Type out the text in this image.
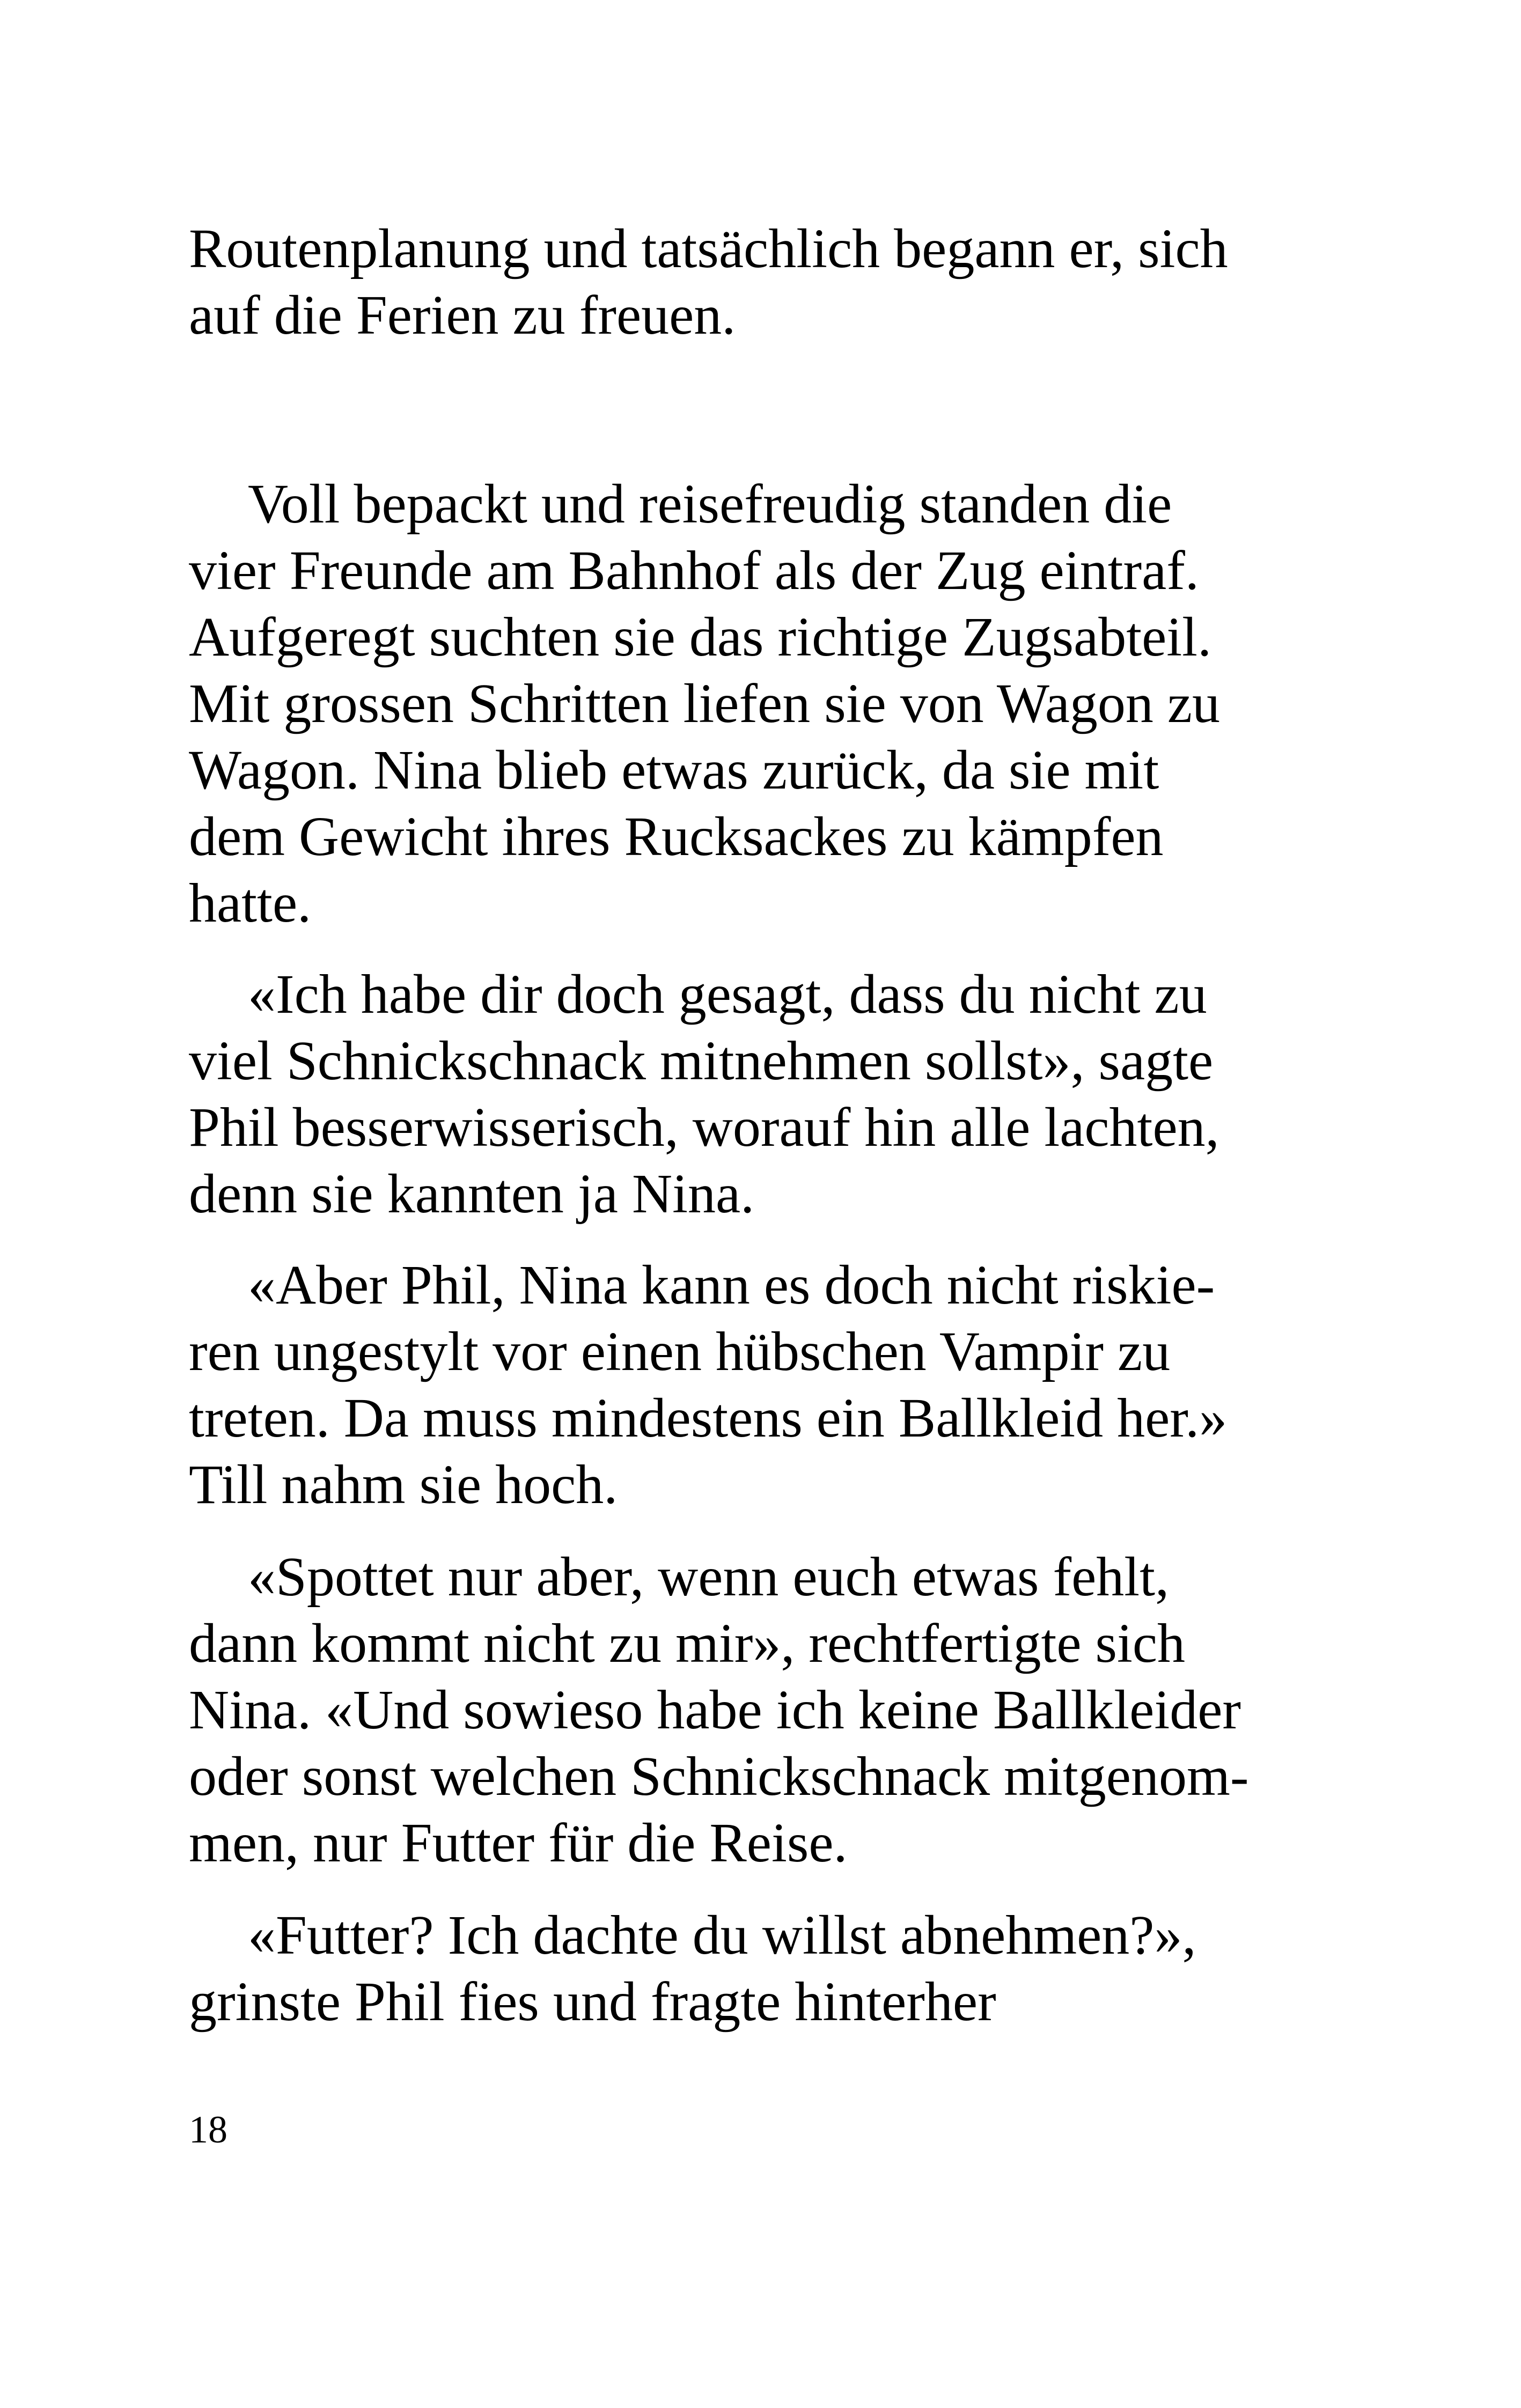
Routenplanung und tatsächlich begann er, sich
auf die Ferien zu freuen.
Voll bepackt und reisefreudig standen die
vier Freunde am Bahnhof als der Zug eintraf.
Aufgeregt suchten sie das richtige Zugsabteil.
Mit grossen Schritten liefen sie von Wagon zu
Wagon. Nina blieb etwas zurück, da sie mit
dem Gewicht ihres Rucksackes zu kämpfen
hatte.
«Ich habe dir doch gesagt, dass du nicht zu
viel Schnickschnack mitnehmen sollst», sagte
Phil besserwisserisch, worauf hin alle lachten,
denn sie kannten ja Nina.
«Aber Phil, Nina kann es doch nicht riskie-
ren ungestylt vor einen hübschen Vampir zu
treten. Da muss mindestens ein Ballkleid her.»
Till nahm sie hoch.
«Spottet nur aber, wenn euch etwas fehlt,
dann kommt nicht zu mir», rechtfertigte sich
Nina. «Und sowieso habe ich keine Ballkleider
oder sonst welchen Schnickschnack mitgenom-
men, nur Futter für die Reise.
«Futter? Ich dachte du willst abnehmen?»,
grinste Phil fies und fragte hinterher
18
